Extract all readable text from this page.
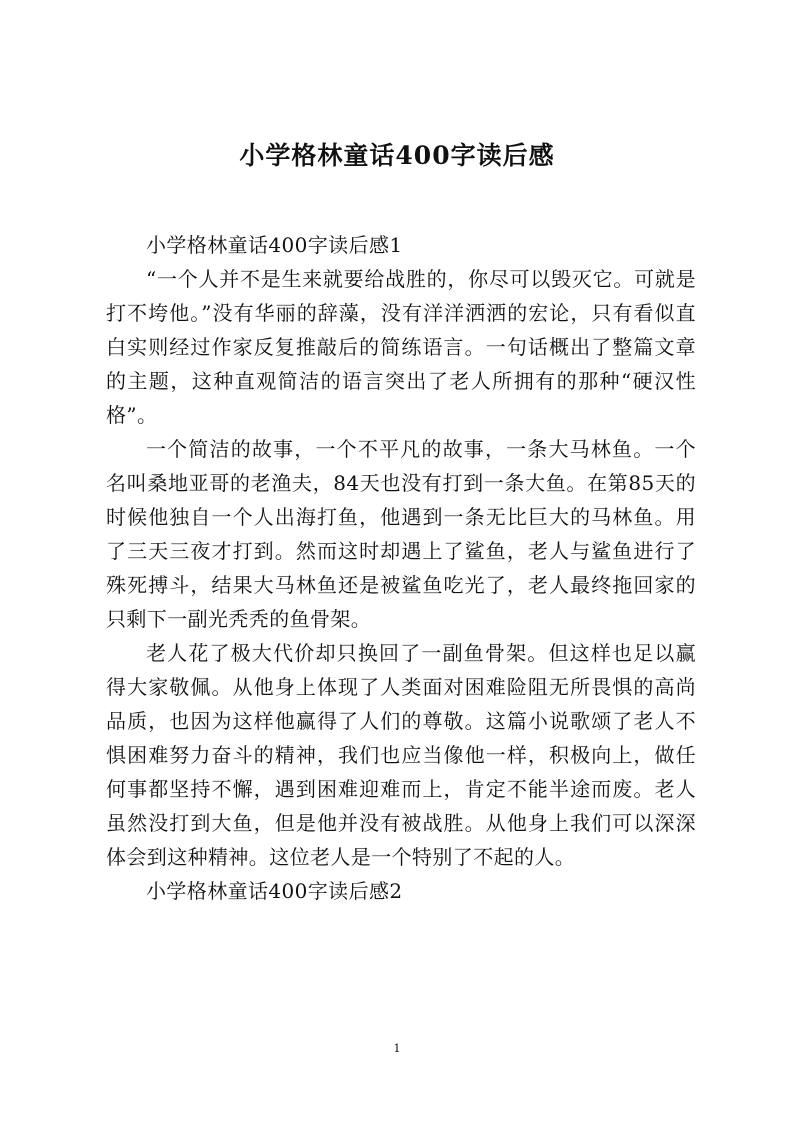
小学格林童话400字读后感

小学格林童话400字读后感1

“一个人并不是生来就要给战胜的，你尽可以毁灭它。可就是打不垮他。”没有华丽的辞藻，没有洋洋洒洒的宏论，只有看似直白实则经过作家反复推敲后的简练语言。一句话概出了整篇文章的主题，这种直观简洁的语言突出了老人所拥有的那种“硬汉性格”。

一个简洁的故事，一个不平凡的故事，一条大马林鱼。一个名叫桑地亚哥的老渔夫，84天也没有打到一条大鱼。在第85天的时候他独自一个人出海打鱼，他遇到一条无比巨大的马林鱼。用了三天三夜才打到。然而这时却遇上了鲨鱼，老人与鲨鱼进行了殊死搏斗，结果大马林鱼还是被鲨鱼吃光了，老人最终拖回家的只剩下一副光秃秃的鱼骨架。

老人花了极大代价却只换回了一副鱼骨架。但这样也足以赢得大家敬佩。从他身上体现了人类面对困难险阻无所畏惧的高尚品质，也因为这样他赢得了人们的尊敬。这篇小说歌颂了老人不惧困难努力奋斗的精神，我们也应当像他一样，积极向上，做任何事都坚持不懈，遇到困难迎难而上，肯定不能半途而废。老人虽然没打到大鱼，但是他并没有被战胜。从他身上我们可以深深体会到这种精神。这位老人是一个特别了不起的人。

小学格林童话400字读后感2

1
